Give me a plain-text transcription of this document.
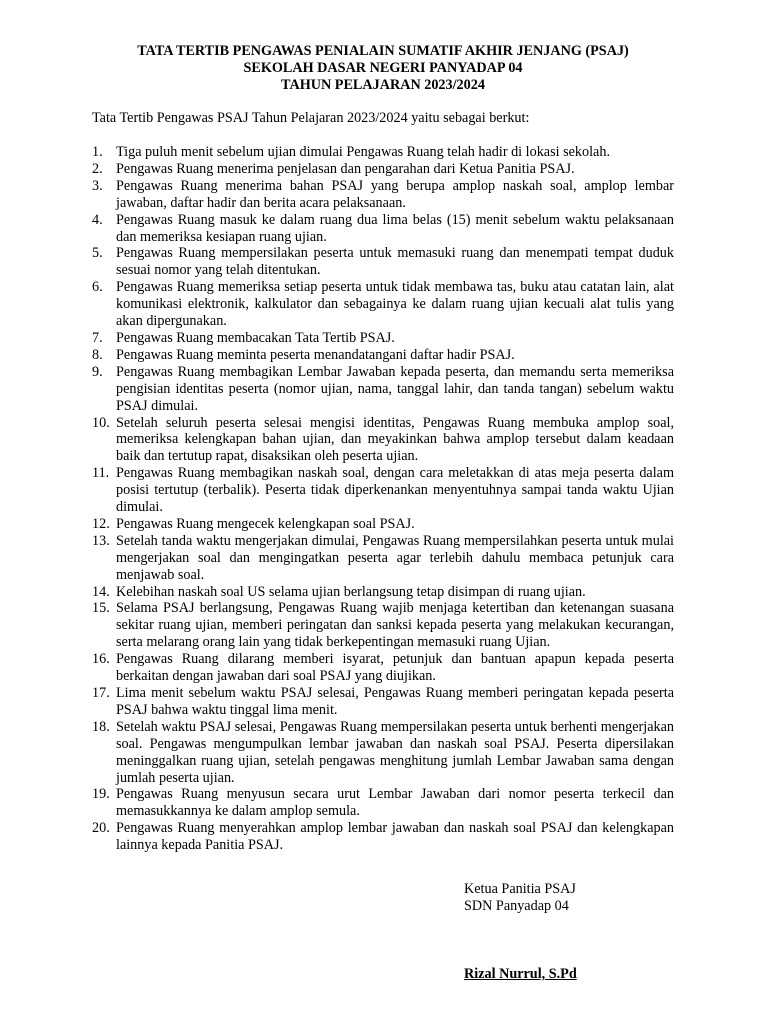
TATA TERTIB PENGAWAS PENIALAIN SUMATIF AKHIR JENJANG (PSAJ)
SEKOLAH DASAR NEGERI PANYADAP 04
TAHUN PELAJARAN 2023/2024
Tata Tertib Pengawas PSAJ Tahun Pelajaran 2023/2024 yaitu sebagai berkut:
1. Tiga puluh menit sebelum ujian dimulai Pengawas Ruang telah hadir di lokasi sekolah.
2. Pengawas Ruang menerima penjelasan dan pengarahan dari Ketua Panitia PSAJ.
3. Pengawas Ruang menerima bahan PSAJ yang berupa amplop naskah soal, amplop lembar jawaban, daftar hadir dan berita acara pelaksanaan.
4. Pengawas Ruang masuk ke dalam ruang dua lima belas (15) menit sebelum waktu pelaksanaan dan memeriksa kesiapan ruang ujian.
5. Pengawas Ruang mempersilakan peserta untuk memasuki ruang dan menempati tempat duduk sesuai nomor yang telah ditentukan.
6. Pengawas Ruang memeriksa setiap peserta untuk tidak membawa tas, buku atau catatan lain, alat komunikasi elektronik, kalkulator dan sebagainya ke dalam ruang ujian kecuali alat tulis yang akan dipergunakan.
7. Pengawas Ruang membacakan Tata Tertib PSAJ.
8. Pengawas Ruang meminta peserta menandatangani daftar hadir PSAJ.
9. Pengawas Ruang membagikan Lembar Jawaban kepada peserta, dan memandu serta memeriksa pengisian identitas peserta (nomor ujian, nama, tanggal lahir, dan tanda tangan) sebelum waktu PSAJ dimulai.
10. Setelah seluruh peserta selesai mengisi identitas, Pengawas Ruang membuka amplop soal, memeriksa kelengkapan bahan ujian, dan meyakinkan bahwa amplop tersebut dalam keadaan baik dan tertutup rapat, disaksikan oleh peserta ujian.
11. Pengawas Ruang membagikan naskah soal, dengan cara meletakkan di atas meja peserta dalam posisi tertutup (terbalik). Peserta tidak diperkenankan menyentuhnya sampai tanda waktu Ujian dimulai.
12. Pengawas Ruang mengecek kelengkapan soal PSAJ.
13. Setelah tanda waktu mengerjakan dimulai, Pengawas Ruang mempersilahkan peserta untuk mulai mengerjakan soal dan mengingatkan peserta agar terlebih dahulu membaca petunjuk cara menjawab soal.
14. Kelebihan naskah soal US selama ujian berlangsung tetap disimpan di ruang ujian.
15. Selama PSAJ berlangsung, Pengawas Ruang wajib menjaga ketertiban dan ketenangan suasana sekitar ruang ujian, memberi peringatan dan sanksi kepada peserta yang melakukan kecurangan, serta melarang orang lain yang tidak berkepentingan memasuki ruang Ujian.
16. Pengawas Ruang dilarang memberi isyarat, petunjuk dan bantuan apapun kepada peserta berkaitan dengan jawaban dari soal PSAJ yang diujikan.
17. Lima menit sebelum waktu PSAJ selesai, Pengawas Ruang memberi peringatan kepada peserta PSAJ bahwa waktu tinggal lima menit.
18. Setelah waktu PSAJ selesai, Pengawas Ruang mempersilakan peserta untuk berhenti mengerjakan soal. Pengawas mengumpulkan lembar jawaban dan naskah soal PSAJ. Peserta dipersilakan meninggalkan ruang ujian, setelah pengawas menghitung jumlah Lembar Jawaban sama dengan jumlah peserta ujian.
19. Pengawas Ruang menyusun secara urut Lembar Jawaban dari nomor peserta terkecil dan memasukkannya ke dalam amplop semula.
20. Pengawas Ruang menyerahkan amplop lembar jawaban dan naskah soal PSAJ dan kelengkapan lainnya kepada Panitia PSAJ.
Ketua Panitia PSAJ
SDN Panyadap 04
Rizal Nurrul, S.Pd
